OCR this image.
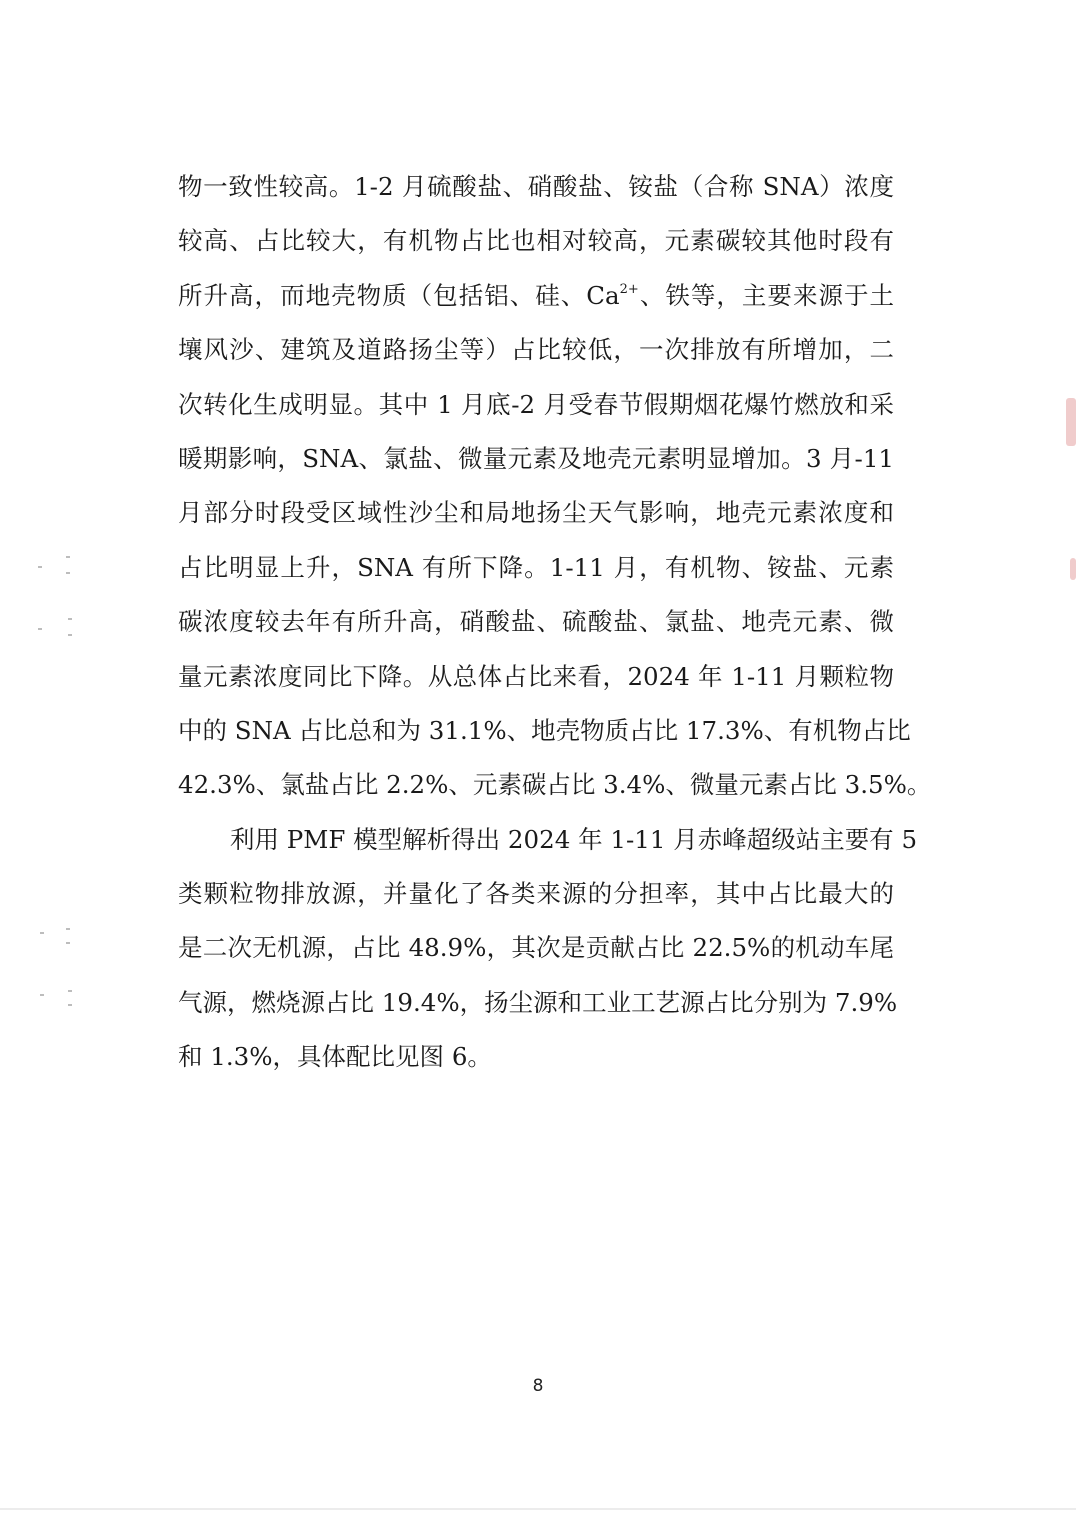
物一致性较高。1-2 月硫酸盐、硝酸盐、铵盐（合称 SNA）浓度
较高、占比较大，有机物占比也相对较高，元素碳较其他时段有
所升高，而地壳物质（包括铝、硅、$Ca^{2+}$、铁等，主要来源于土
壤风沙、建筑及道路扬尘等）占比较低，一次排放有所增加，二
次转化生成明显。其中 1 月底-2 月受春节假期烟花爆竹燃放和采
暖期影响，SNA、氯盐、微量元素及地壳元素明显增加。3 月-11
月部分时段受区域性沙尘和局地扬尘天气影响，地壳元素浓度和
占比明显上升，SNA 有所下降。1-11 月，有机物、铵盐、元素
碳浓度较去年有所升高，硝酸盐、硫酸盐、氯盐、地壳元素、微
量元素浓度同比下降。从总体占比来看，2024 年 1-11 月颗粒物
中的 SNA 占比总和为 31.1%、地壳物质占比 17.3%、有机物占比
42.3%、氯盐占比 2.2%、元素碳占比 3.4%、微量元素占比 3.5%。
利用 PMF 模型解析得出 2024 年 1-11 月赤峰超级站主要有 5
类颗粒物排放源，并量化了各类来源的分担率，其中占比最大的
是二次无机源，占比 48.9%，其次是贡献占比 22.5%的机动车尾
气源，燃烧源占比 19.4%，扬尘源和工业工艺源占比分别为 7.9%
和 1.3%，具体配比见图 6。
8
